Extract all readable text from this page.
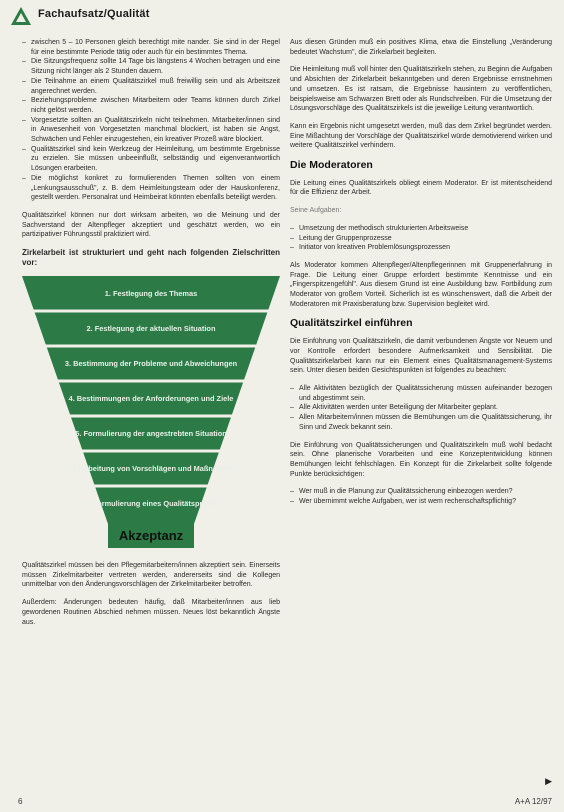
Fachaufsatz/Qualität
– zwischen 5 – 10 Personen gleich berechtigt mite nander. Sie sind in der Regel für eine bestimmte Periode tätig oder auch für ein bestimmtes Thema.
– Die Sitzungsfrequenz sollte 14 Tage bis längstens 4 Wochen betragen und eine Sitzung nicht länger als 2 Stunden dauern.
– Die Teilnahme an einem Qualitätszirkel muß freiwillig sein und als Arbeitszeit angerechnet werden.
– Beziehungsprobleme zwischen Mitarbeitern oder Teams können durch Zirkel nicht gelöst werden.
– Vorgesetzte sollten an Qualitätszirkeln nicht teilnehmen. Mitarbeiter/innen sind in Anwesenheit von Vorgesetzten manchmal blockiert, ist haben sie Angst, Schwächen und Fehler einzugestehen, ein kreativer Prozeß wäre blockiert.
– Qualitätszirkel sind kein Werkzeug der Heimleitung, um bestimmte Ergebnisse zu erzielen. Sie müssen unbeeinflußt, selbständig und eigenverantwortlich Lösungen erarbeiten.
– Die möglichst konkret zu formulierenden Themen sollten von einem „Lenkungsausschuß", z. B. dem Heimleitungsteam oder der Hauskonferenz, gestellt werden. Personalrat und Heimbeirat könnten ebenfalls beteiligt werden.

Qualitätszirkel können nur dort wirksam arbeiten, wo die Meinung und der Sachverstand der Altenpfleger akzeptiert und geschätzt werden, wo ein partizipativer Führungsstil praktiziert wird.

Zirkelarbeit ist strukturiert und geht nach folgenden Zielschritten vor:

1. Festlegung des Themas
2. Festlegung der aktuellen Situation
3. Bestimmung der Probleme und Abweichungen
4. Bestimmungen der Anforderungen und Ziele
5. Formulierung der angestrebten Situation
6. Erarbeitung von Vorschlägen und Maßnahmen
7. Formulierung eines Qualitätsprofils
Akzeptanz

Qualitätszirkel müssen bei den Pflegemitarbeitern/innen akzeptiert sein. Einerseits müssen Zirkelmitarbeiter vertreten werden, andererseits sind die Kollegen unmittelbar von den Änderungsvorschlägen der Zirkelmitarbeiter betroffen.

Außerdem: Änderungen bedeuten häufig, daß Mitarbeiter/innen aus lieb gewordenen Routinen Abschied nehmen müssen. Neues löst bekanntlich Ängste aus.

Aus diesen Gründen muß ein positives Klima, etwa die Einstellung „Veränderung bedeutet Wachstum", die Zirkelarbeit begleiten.

Die Heimleitung muß voll hinter den Qualitätszirkeln stehen, zu Beginn die Aufgaben und Absichten der Zirkelarbeit bekanntgeben und deren Ergebnisse ernstnehmen und umsetzen. Es ist ratsam, die Ergebnisse hausintern zu veröffentlichen, beispielsweise am Schwarzen Brett oder als Rundschreiben. Für die Umsetzung der Lösungsvorschläge des Qualitätszirkels ist die jeweilige Leitung verantwortlich.

Kann ein Ergebnis nicht umgesetzt werden, muß das dem Zirkel begründet werden. Eine Mißachtung der Vorschläge der Qualitätszirkel würde demotivierend wirken und weitere Qualitätszirkel verhindern.

Die Moderatoren

Die Leitung eines Qualitätszirkels obliegt einem Moderator. Er ist mitentscheidend für die Effizienz der Arbeit.

Seine Aufgaben:

– Umsetzung der methodisch strukturierten Arbeitsweise
– Leitung der Gruppenprozesse
– Initiator von kreativen Problemlösungsprozessen

Als Moderator kommen Altenpfleger/Altenpflegerinnen mit Gruppenerfahrung in Frage. Die Leitung einer Gruppe erfordert bestimmte Kenntnisse und ein „Fingerspitzengefühl". Aus diesem Grund ist eine Ausbildung bzw. Fortbildung zum Moderator von großem Vorteil. Sicherlich ist es wünschenswert, daß die Arbeit der Moderatoren mit Praxisberatung bzw. Supervision begleitet wird.

Qualitätszirkel einführen

Die Einführung von Qualitätszirkeln, die damit verbundenen Ängste vor Neuem und vor Kontrolle erfordert besondere Aufmerksamkeit und Sensibilität. Die Qualitätszirkelarbeit kann nur ein Element eines Qualitätsmanagement-Systems sein. Unter diesen beiden Gesichtspunkten ist folgendes zu beachten:

– Alle Aktivitäten bezüglich der Qualitätssicherung müssen aufeinander bezogen und abgestimmt sein.
– Alle Aktivitäten werden unter Beteiligung der Mitarbeiter geplant.
– Allen Mitarbeitern/innen müssen die Bemühungen um die Qualitätssicherung, ihr Sinn und Zweck bekannt sein.

Die Einführung von Qualitätssicherungen und Qualitätszirkeln muß wohl bedacht sein. Ohne planerische Vorarbeiten und eine Konzeptentwicklung können Bemühungen leicht fehlschlagen. Ein Konzept für die Zirkelarbeit sollte folgende Punkte berücksichtigen:

– Wer muß in die Planung zur Qualitätssicherung einbezogen werden?
– Wer übernimmt welche Aufgaben, wer ist wem rechenschaftspflichtig?
▶
6	A+A 12/97
